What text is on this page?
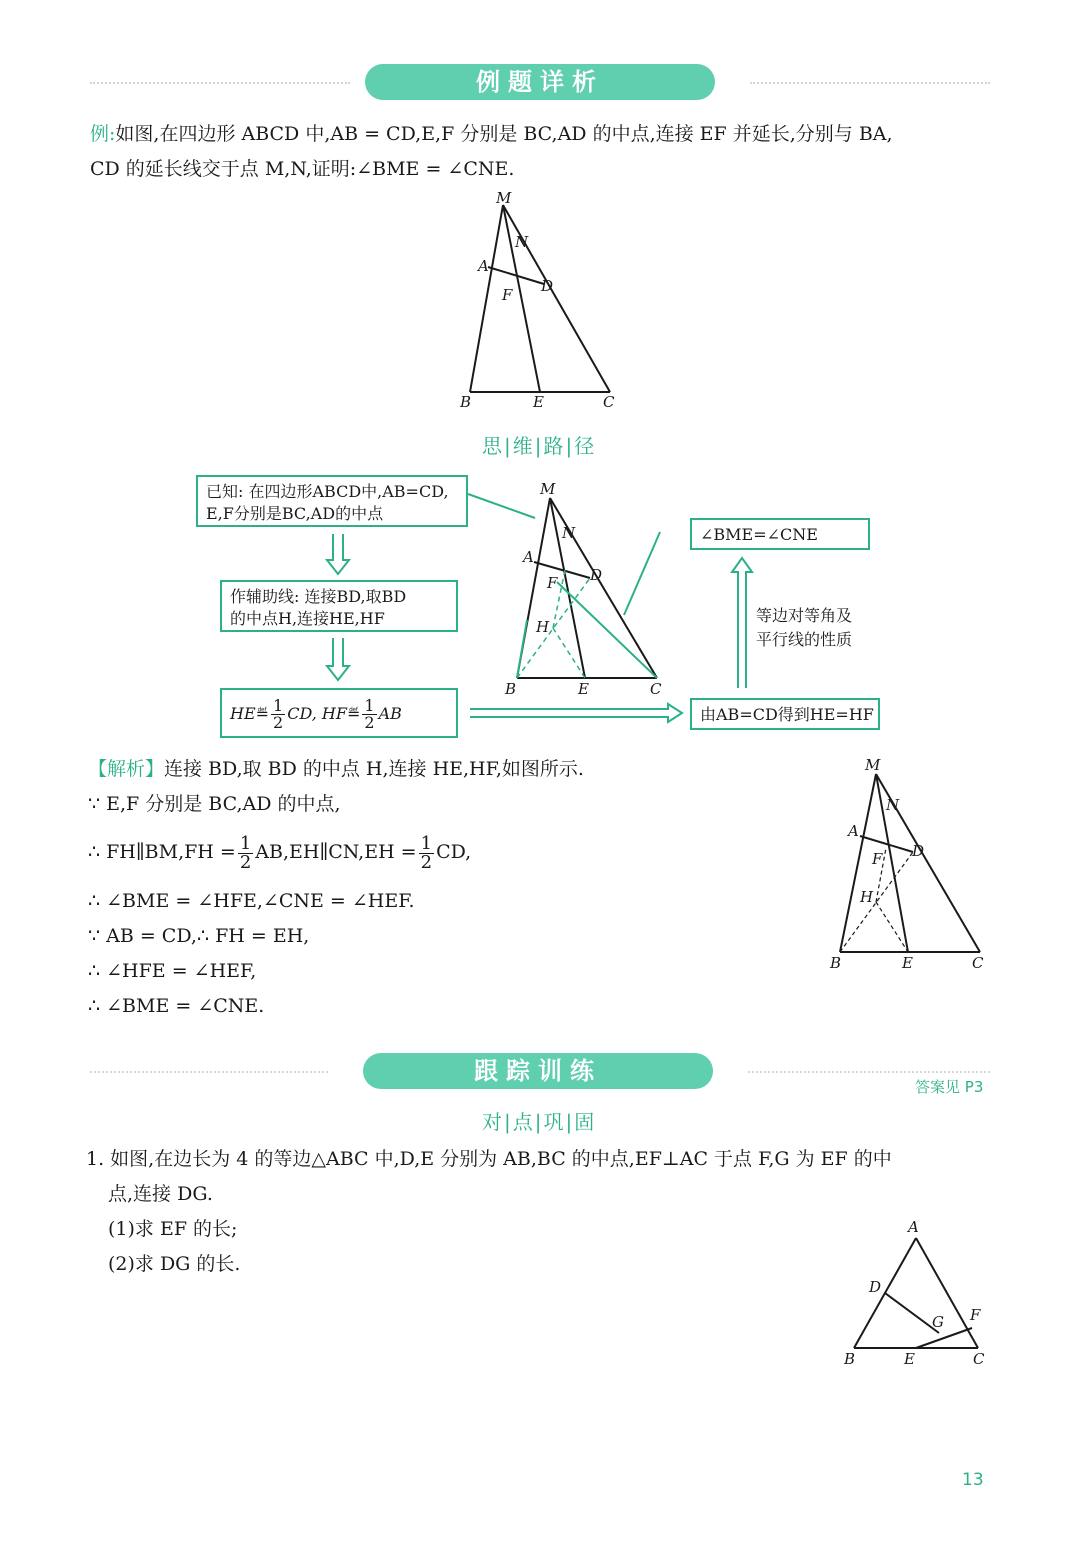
例题详析
例:如图,在四边形 ABCD 中,AB = CD,E,F 分别是 BC,AD 的中点,连接 EF 并延长,分别与 BA,
CD 的延长线交于点 M,N,证明:∠BME = ∠CNE.
M
N
A
F D
B	E	C
思|维|路|径
已知: 在四边形ABCD中,AB=CD,
E,F分别是BC,AD的中点
作辅助线: 连接BD,取BD
的中点H,连接HE,HF
HE≝ $\frac{1}{2}$ CD, HF≝ $\frac{1}{2}$ AB
∠BME=∠CNE
由AB=CD得到HE=HF
等边对等角及
平行线的性质
M
N
A
F D
H
B	E	C
【解析】连接 BD,取 BD 的中点 H,连接 HE,HF,如图所示.
∵ E,F 分别是 BC,AD 的中点,
∴ FH∥BM,FH = $\frac{1}{2}$ AB,EH∥CN,EH = $\frac{1}{2}$ CD,
∴ ∠BME = ∠HFE,∠CNE = ∠HEF.
∵ AB = CD,∴ FH = EH,
∴ ∠HFE = ∠HEF,
∴ ∠BME = ∠CNE.
M
N
A
F D
H
B	E	C
跟踪训练
答案见 P3
对|点|巩|固
1. 如图,在边长为 4 的等边△ABC 中,D,E 分别为 AB,BC 的中点,EF⊥AC 于点 F,G 为 EF 的中
点,连接 DG.
(1)求 EF 的长;
(2)求 DG 的长.
A
D
G F
B	E	C
13
